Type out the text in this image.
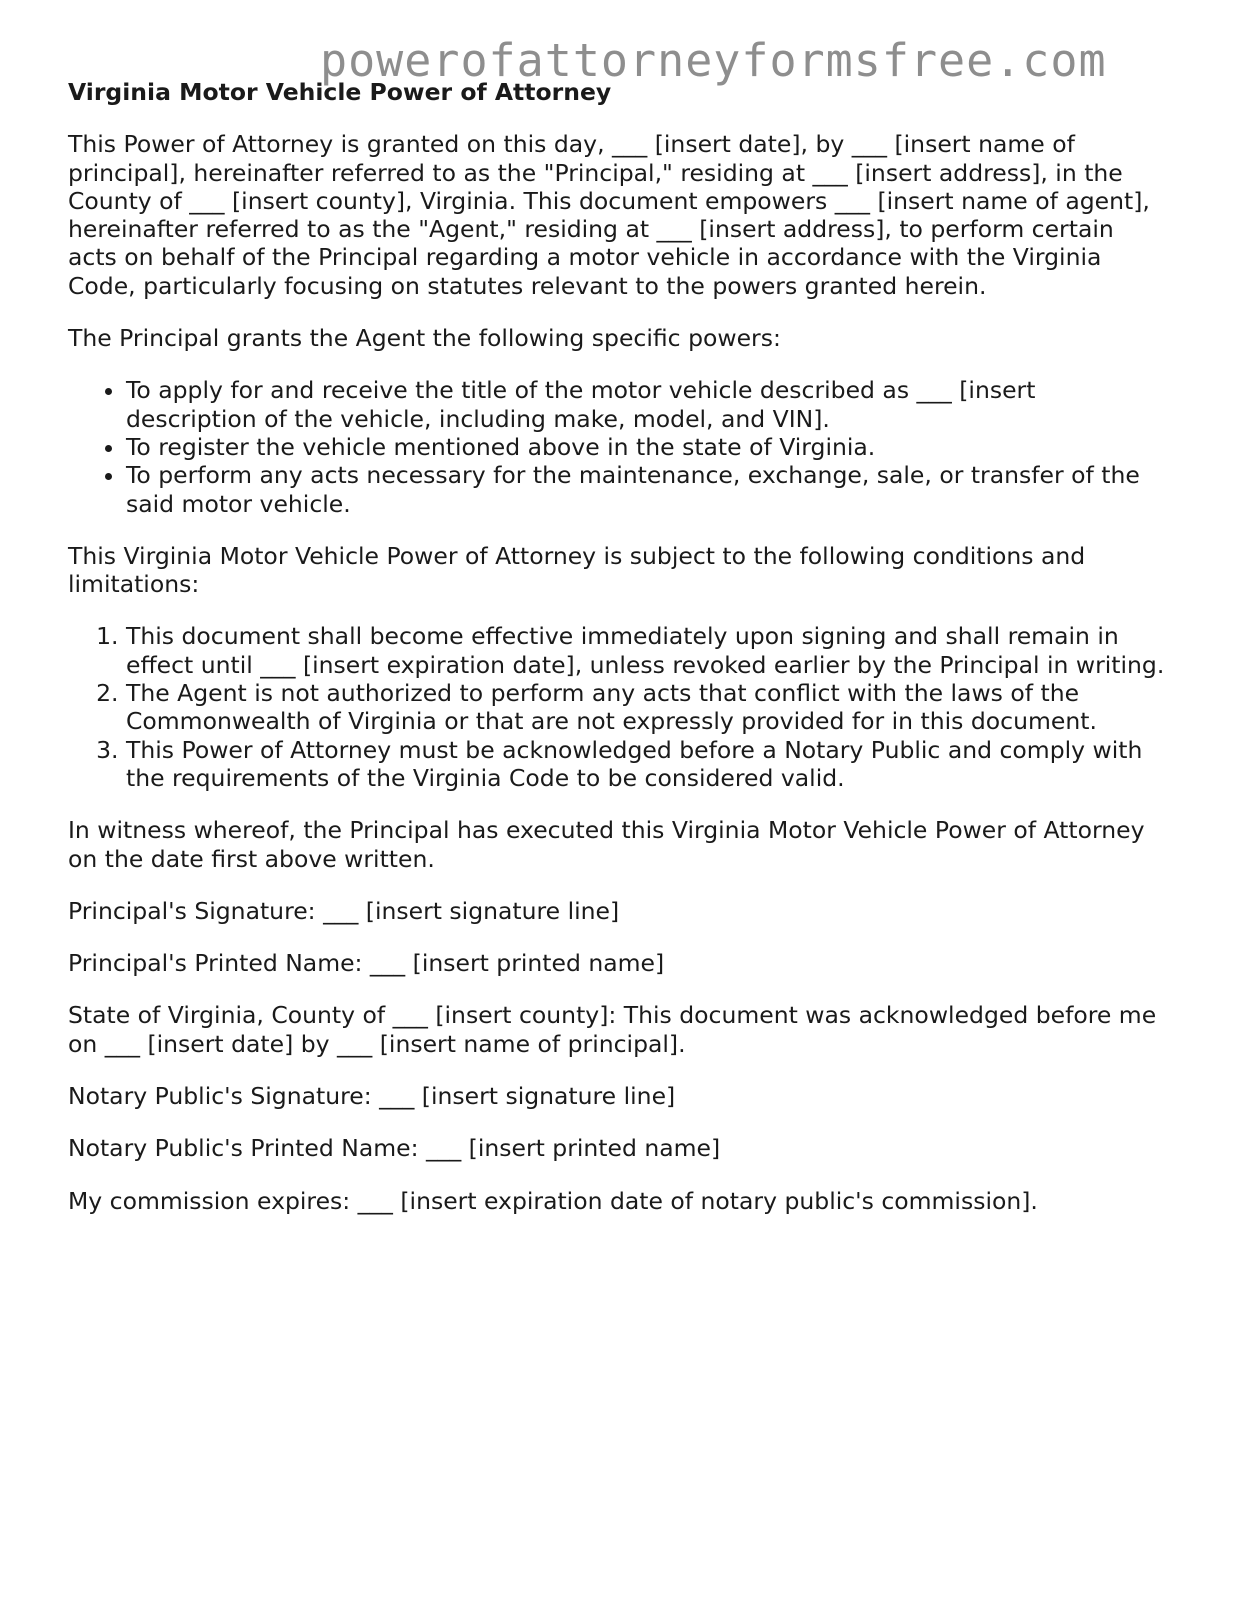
powerofattorneyformsfree.com
Virginia Motor Vehicle Power of Attorney

This Power of Attorney is granted on this day, ___ [insert date], by ___ [insert name of principal], hereinafter referred to as the "Principal," residing at ___ [insert address], in the County of ___ [insert county], Virginia. This document empowers ___ [insert name of agent], hereinafter referred to as the "Agent," residing at ___ [insert address], to perform certain acts on behalf of the Principal regarding a motor vehicle in accordance with the Virginia Code, particularly focusing on statutes relevant to the powers granted herein.

The Principal grants the Agent the following specific powers:

• To apply for and receive the title of the motor vehicle described as ___ [insert description of the vehicle, including make, model, and VIN].
• To register the vehicle mentioned above in the state of Virginia.
• To perform any acts necessary for the maintenance, exchange, sale, or transfer of the said motor vehicle.

This Virginia Motor Vehicle Power of Attorney is subject to the following conditions and limitations:

1. This document shall become effective immediately upon signing and shall remain in effect until ___ [insert expiration date], unless revoked earlier by the Principal in writing.
2. The Agent is not authorized to perform any acts that conflict with the laws of the Commonwealth of Virginia or that are not expressly provided for in this document.
3. This Power of Attorney must be acknowledged before a Notary Public and comply with the requirements of the Virginia Code to be considered valid.

In witness whereof, the Principal has executed this Virginia Motor Vehicle Power of Attorney on the date first above written.

Principal's Signature: ___ [insert signature line]

Principal's Printed Name: ___ [insert printed name]

State of Virginia, County of ___ [insert county]: This document was acknowledged before me on ___ [insert date] by ___ [insert name of principal].

Notary Public's Signature: ___ [insert signature line]

Notary Public's Printed Name: ___ [insert printed name]

My commission expires: ___ [insert expiration date of notary public's commission].
